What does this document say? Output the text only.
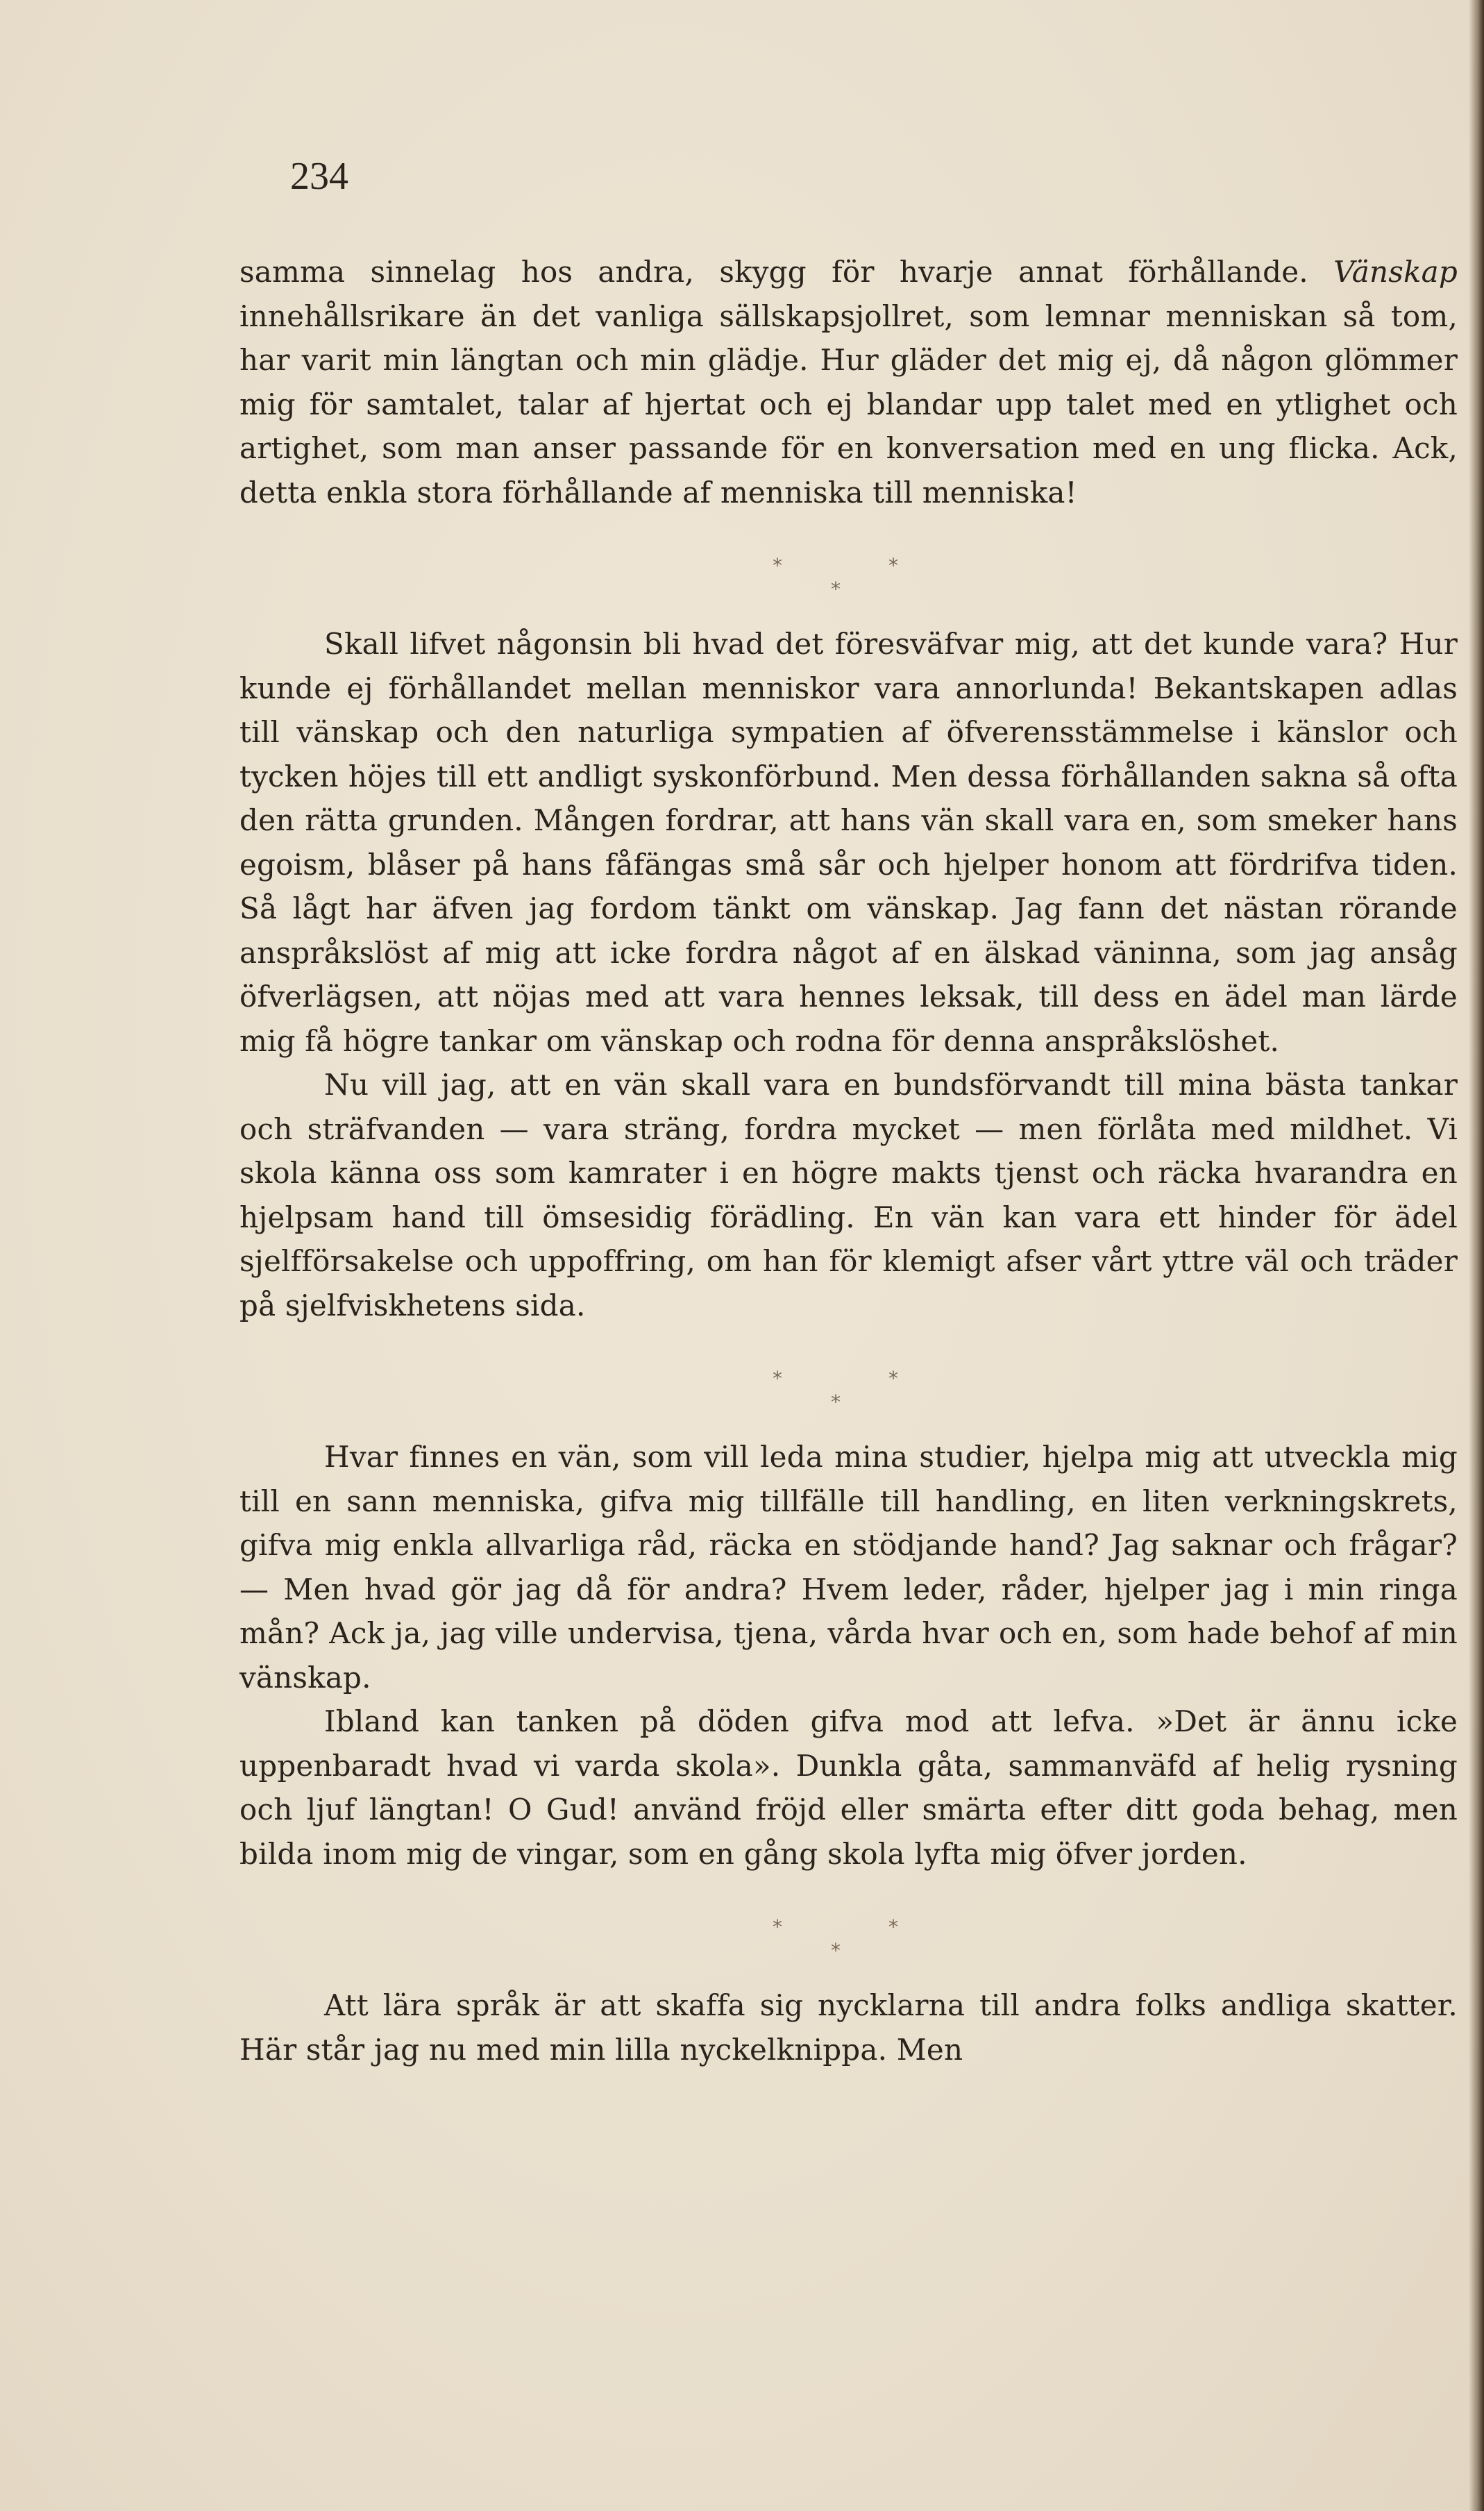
234

samma sinnelag hos andra, skygg för hvarje annat förhållande. Vänskap innehållsrikare än det vanliga sällskapsjollret, som lemnar menniskan så tom, har varit min längtan och min glädje. Hur gläder det mig ej, då någon glömmer mig för samtalet, talar af hjertat och ej blandar upp talet med en ytlighet och artighet, som man anser passande för en konversation med en ung flicka. Ack, detta enkla stora förhållande af menniska till menniska!

*	*
*

Skall lifvet någonsin bli hvad det föresväfvar mig, att det kunde vara? Hur kunde ej förhållandet mellan menniskor vara annorlunda! Bekantskapen adlas till vänskap och den naturliga sympatien af öfverensstämmelse i känslor och tycken höjes till ett andligt syskonförbund. Men dessa förhållanden sakna så ofta den rätta grunden. Mången fordrar, att hans vän skall vara en, som smeker hans egoism, blåser på hans fåfängas små sår och hjelper honom att fördrifva tiden. Så lågt har äfven jag fordom tänkt om vänskap. Jag fann det nästan rörande anspråkslöst af mig att icke fordra något af en älskad väninna, som jag ansåg öfverlägsen, att nöjas med att vara hennes leksak, till dess en ädel man lärde mig få högre tankar om vänskap och rodna för denna anspråkslöshet.

Nu vill jag, att en vän skall vara en bundsförvandt till mina bästa tankar och sträfvanden — vara sträng, fordra mycket — men förlåta med mildhet. Vi skola känna oss som kamrater i en högre makts tjenst och räcka hvarandra en hjelpsam hand till ömsesidig förädling. En vän kan vara ett hinder för ädel sjelfförsakelse och uppoffring, om han för klemigt afser vårt yttre väl och träder på sjelfviskhetens sida.

*	*
*

Hvar finnes en vän, som vill leda mina studier, hjelpa mig att utveckla mig till en sann menniska, gifva mig tillfälle till handling, en liten verkningskrets, gifva mig enkla allvarliga råd, räcka en stödjande hand? Jag saknar och frågar? — Men hvad gör jag då för andra? Hvem leder, råder, hjelper jag i min ringa mån? Ack ja, jag ville undervisa, tjena, vårda hvar och en, som hade behof af min vänskap.

Ibland kan tanken på döden gifva mod att lefva. »Det är ännu icke uppenbaradt hvad vi varda skola». Dunkla gåta, sammanväfd af helig rysning och ljuf längtan! O Gud! använd fröjd eller smärta efter ditt goda behag, men bilda inom mig de vingar, som en gång skola lyfta mig öfver jorden.

*	*
*

Att lära språk är att skaffa sig nycklarna till andra folks andliga skatter. Här står jag nu med min lilla nyckelknippa. Men
